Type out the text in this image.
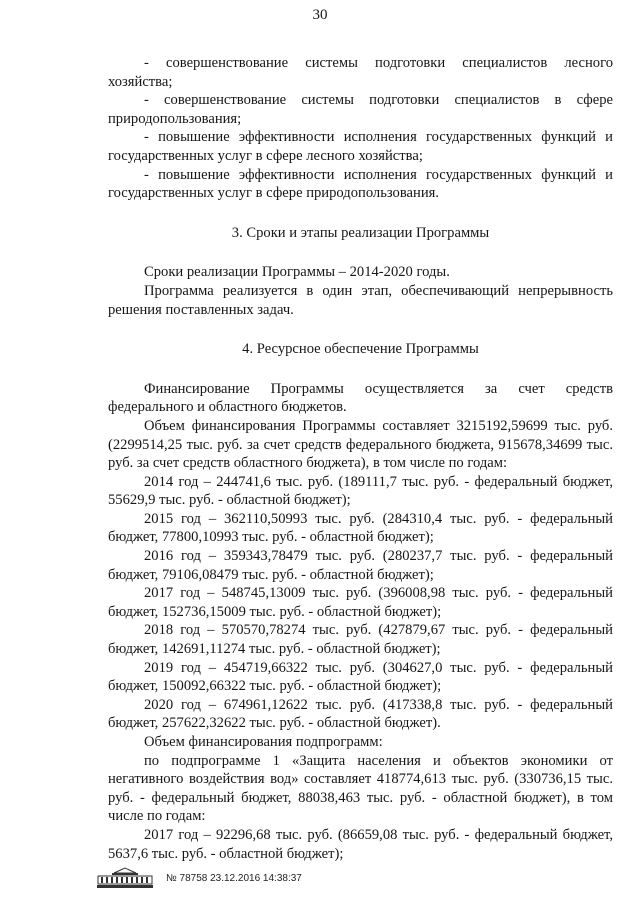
30

- совершенствование системы подготовки специалистов лесного хозяйства;

- совершенствование системы подготовки специалистов в сфере природопользования;

- повышение эффективности исполнения государственных функций и государственных услуг в сфере лесного хозяйства;

- повышение эффективности исполнения государственных функций и государственных услуг в сфере природопользования.

3. Сроки и этапы реализации Программы

Сроки реализации Программы – 2014-2020 годы.

Программа реализуется в один этап, обеспечивающий непрерывность решения поставленных задач.

4. Ресурсное обеспечение Программы

Финансирование Программы осуществляется за счет средств федерального и областного бюджетов.

Объем финансирования Программы составляет 3215192,59699 тыс. руб. (2299514,25 тыс. руб. за счет средств федерального бюджета, 915678,34699 тыс. руб. за счет средств областного бюджета), в том числе по годам:

2014 год – 244741,6 тыс. руб. (189111,7 тыс. руб. - федеральный бюджет, 55629,9 тыс. руб. - областной бюджет);

2015 год – 362110,50993 тыс. руб. (284310,4 тыс. руб. - федеральный бюджет, 77800,10993 тыс. руб. - областной бюджет);

2016 год – 359343,78479 тыс. руб. (280237,7 тыс. руб. - федеральный бюджет, 79106,08479 тыс. руб. - областной бюджет);

2017 год – 548745,13009 тыс. руб. (396008,98 тыс. руб. - федеральный бюджет, 152736,15009 тыс. руб. - областной бюджет);

2018 год – 570570,78274 тыс. руб. (427879,67 тыс. руб. - федеральный бюджет, 142691,11274 тыс. руб. - областной бюджет);

2019 год – 454719,66322 тыс. руб. (304627,0 тыс. руб. - федеральный бюджет, 150092,66322 тыс. руб. - областной бюджет);

2020 год – 674961,12622 тыс. руб. (417338,8 тыс. руб. - федеральный бюджет, 257622,32622 тыс. руб. - областной бюджет).

Объем финансирования подпрограмм:

по подпрограмме 1 «Защита населения и объектов экономики от негативного воздействия вод» составляет 418774,613 тыс. руб. (330736,15 тыс. руб. - федеральный бюджет, 88038,463 тыс. руб. - областной бюджет), в том числе по годам:

2017 год – 92296,68 тыс. руб. (86659,08 тыс. руб. - федеральный бюджет, 5637,6 тыс. руб. - областной бюджет);

№ 78758 23.12.2016 14:38:37
